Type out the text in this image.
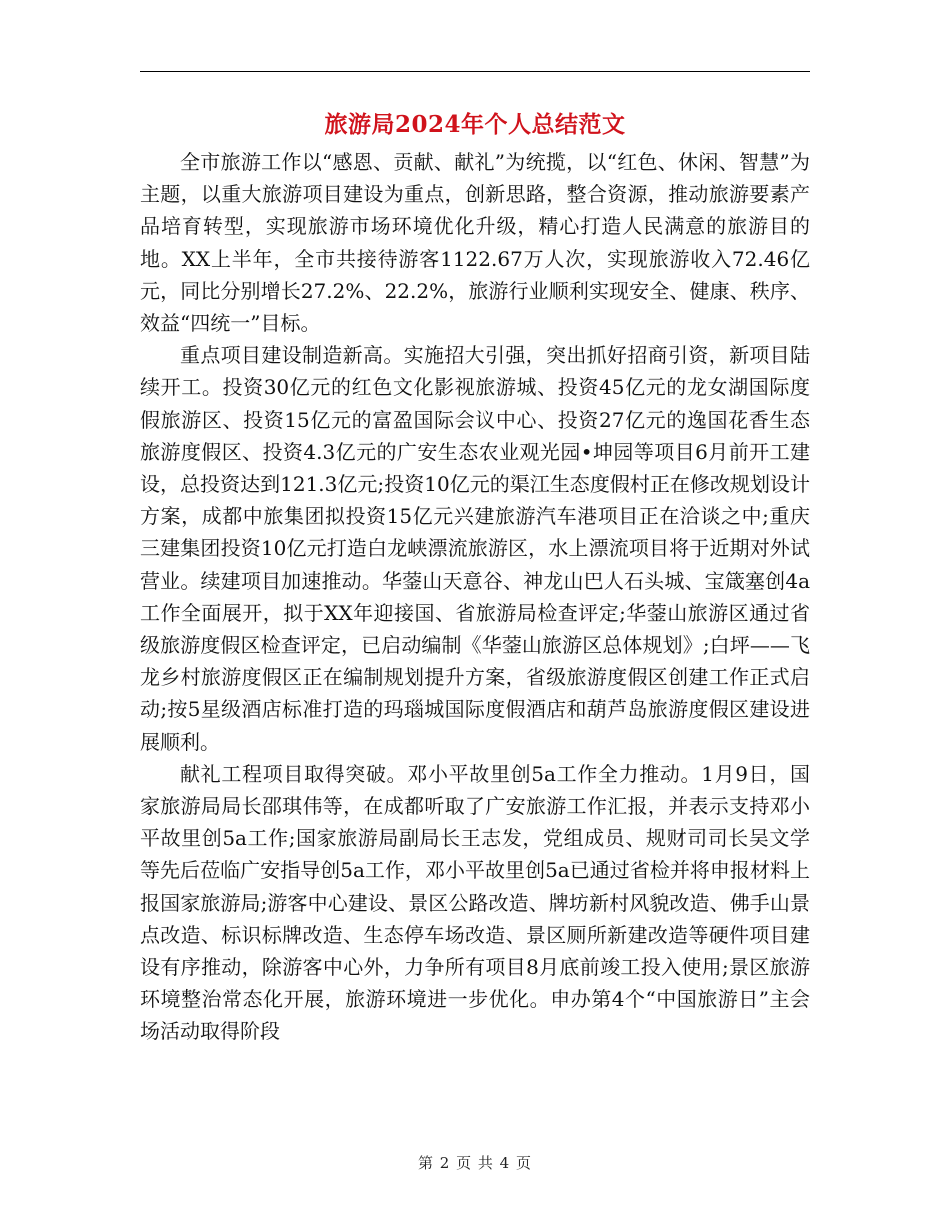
旅游局2024年个人总结范文

全市旅游工作以“感恩、贡献、献礼”为统揽，以“红色、休闲、智慧”为主题，以重大旅游项目建设为重点，创新思路，整合资源，推动旅游要素产品培育转型，实现旅游市场环境优化升级，精心打造人民满意的旅游目的地。XX上半年，全市共接待游客1122.67万人次，实现旅游收入72.46亿元，同比分别增长27.2%、22.2%，旅游行业顺利实现安全、健康、秩序、效益“四统一”目标。

重点项目建设制造新高。实施招大引强，突出抓好招商引资，新项目陆续开工。投资30亿元的红色文化影视旅游城、投资45亿元的龙女湖国际度假旅游区、投资15亿元的富盈国际会议中心、投资27亿元的逸国花香生态旅游度假区、投资4.3亿元的广安生态农业观光园•坤园等项目6月前开工建设，总投资达到121.3亿元;投资10亿元的渠江生态度假村正在修改规划设计方案，成都中旅集团拟投资15亿元兴建旅游汽车港项目正在洽谈之中;重庆三建集团投资10亿元打造白龙峡漂流旅游区，水上漂流项目将于近期对外试营业。续建项目加速推动。华蓥山天意谷、神龙山巴人石头城、宝箴塞创4a工作全面展开，拟于XX年迎接国、省旅游局检查评定;华蓥山旅游区通过省级旅游度假区检查评定，已启动编制《华蓥山旅游区总体规划》;白坪——飞龙乡村旅游度假区正在编制规划提升方案，省级旅游度假区创建工作正式启动;按5星级酒店标准打造的玛瑙城国际度假酒店和葫芦岛旅游度假区建设进展顺利。

献礼工程项目取得突破。邓小平故里创5a工作全力推动。1月9日，国家旅游局局长邵琪伟等，在成都听取了广安旅游工作汇报，并表示支持邓小平故里创5a工作;国家旅游局副局长王志发，党组成员、规财司司长吴文学等先后莅临广安指导创5a工作，邓小平故里创5a已通过省检并将申报材料上报国家旅游局;游客中心建设、景区公路改造、牌坊新村风貌改造、佛手山景点改造、标识标牌改造、生态停车场改造、景区厕所新建改造等硬件项目建设有序推动，除游客中心外，力争所有项目8月底前竣工投入使用;景区旅游环境整治常态化开展，旅游环境进一步优化。申办第4个“中国旅游日”主会场活动取得阶段

第 2 页 共 4 页
